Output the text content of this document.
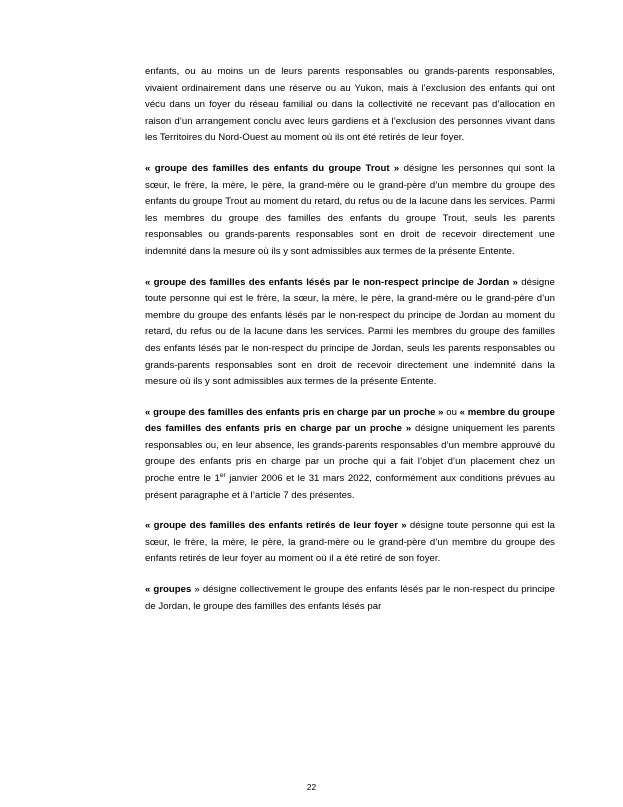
enfants, ou au moins un de leurs parents responsables ou grands-parents responsables, vivaient ordinairement dans une réserve ou au Yukon, mais à l’exclusion des enfants qui ont vécu dans un foyer du réseau familial ou dans la collectivité ne recevant pas d’allocation en raison d’un arrangement conclu avec leurs gardiens et à l’exclusion des personnes vivant dans les Territoires du Nord-Ouest au moment où ils ont été retirés de leur foyer.

« groupe des familles des enfants du groupe Trout » désigne les personnes qui sont la sœur, le frère, la mère, le père, la grand-mère ou le grand-père d’un membre du groupe des enfants du groupe Trout au moment du retard, du refus ou de la lacune dans les services. Parmi les membres du groupe des familles des enfants du groupe Trout, seuls les parents responsables ou grands-parents responsables sont en droit de recevoir directement une indemnité dans la mesure où ils y sont admissibles aux termes de la présente Entente.

« groupe des familles des enfants lésés par le non-respect principe de Jordan » désigne toute personne qui est le frère, la sœur, la mère, le père, la grand-mère ou le grand-père d’un membre du groupe des enfants lésés par le non-respect du principe de Jordan au moment du retard, du refus ou de la lacune dans les services. Parmi les membres du groupe des familles des enfants lésés par le non-respect du principe de Jordan, seuls les parents responsables ou grands-parents responsables sont en droit de recevoir directement une indemnité dans la mesure où ils y sont admissibles aux termes de la présente Entente.

« groupe des familles des enfants pris en charge par un proche » ou « membre du groupe des familles des enfants pris en charge par un proche » désigne uniquement les parents responsables ou, en leur absence, les grands-parents responsables d’un membre approuvé du groupe des enfants pris en charge par un proche qui a fait l’objet d’un placement chez un proche entre le 1er janvier 2006 et le 31 mars 2022, conformément aux conditions prévues au présent paragraphe et à l’article 7 des présentes.

« groupe des familles des enfants retirés de leur foyer » désigne toute personne qui est la sœur, le frère, la mère, le père, la grand-mère ou le grand-père d’un membre du groupe des enfants retirés de leur foyer au moment où il a été retiré de son foyer.

« groupes » désigne collectivement le groupe des enfants lésés par le non-respect du principe de Jordan, le groupe des familles des enfants lésés par

22
